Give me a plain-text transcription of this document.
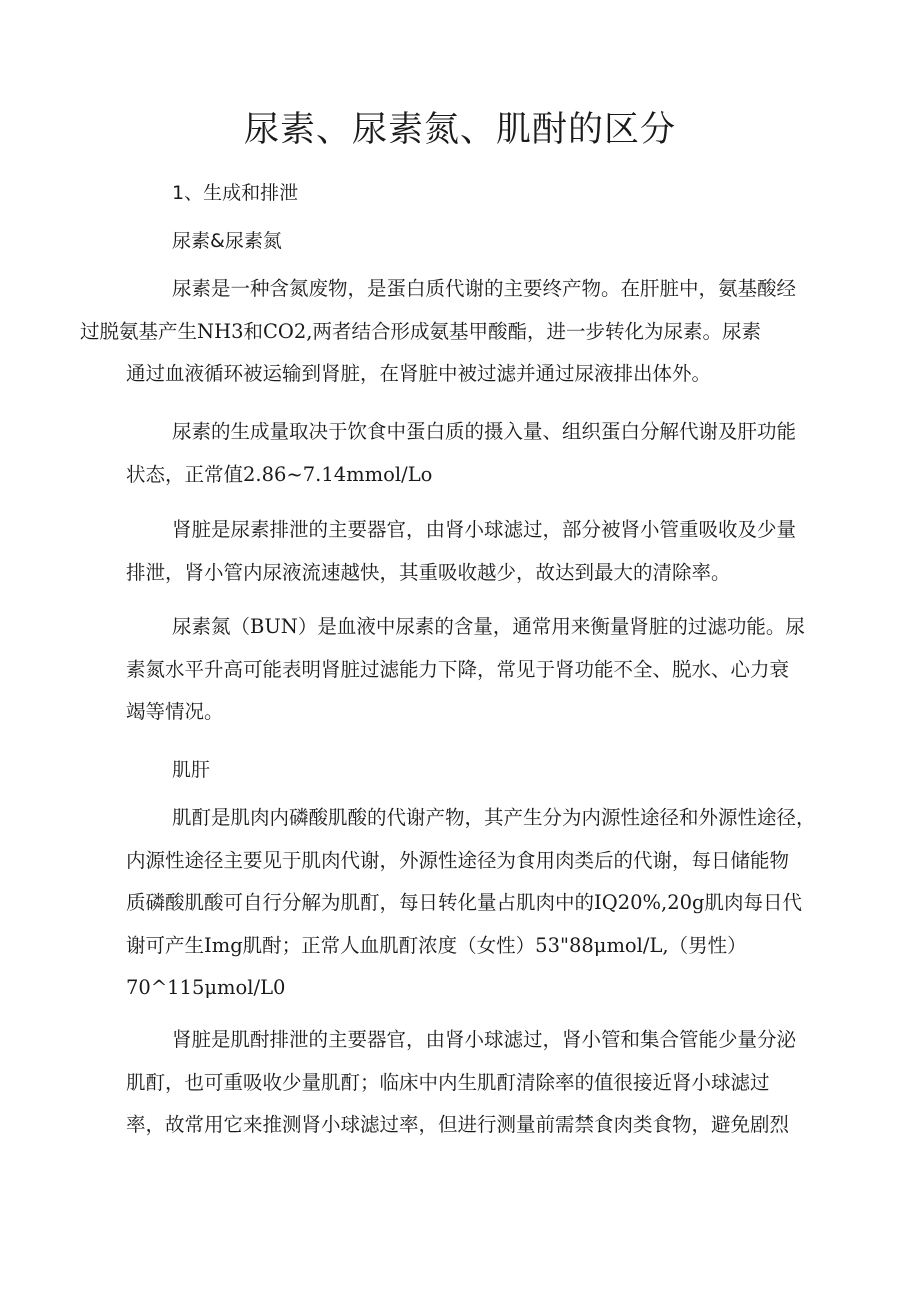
尿素、尿素氮、肌酎的区分
1、生成和排泄
尿素&尿素氮

尿素是一种含氮废物，是蛋白质代谢的主要终产物。在肝脏中，氨基酸经
过脱氨基产生NH3和CO2,两者结合形成氨基甲酸酯，进一步转化为尿素。尿素
通过血液循环被运输到肾脏，在肾脏中被过滤并通过尿液排出体外。

尿素的生成量取决于饮食中蛋白质的摄入量、组织蛋白分解代谢及肝功能
状态，正常值2.86~7.14mmol/Lo

肾脏是尿素排泄的主要器官，由肾小球滤过，部分被肾小管重吸收及少量
排泄，肾小管内尿液流速越快，其重吸收越少，故达到最大的清除率。

尿素氮（BUN）是血液中尿素的含量，通常用来衡量肾脏的过滤功能。尿
素氮水平升高可能表明肾脏过滤能力下降，常见于肾功能不全、脱水、心力衰
竭等情况。

肌肝

肌酊是肌肉内磷酸肌酸的代谢产物，其产生分为内源性途径和外源性途径，
内源性途径主要见于肌肉代谢，外源性途径为食用肉类后的代谢，每日储能物
质磷酸肌酸可自行分解为肌酊，每日转化量占肌肉中的IQ20%,20g肌肉每日代
谢可产生Img肌酎；正常人血肌酊浓度（女性）53"88μmol/L,（男性）
70^115μmol/L0

肾脏是肌酎排泄的主要器官，由肾小球滤过，肾小管和集合管能少量分泌
肌酊，也可重吸收少量肌酊；临床中内生肌酊清除率的值很接近肾小球滤过
率，故常用它来推测肾小球滤过率，但进行测量前需禁食肉类食物，避免剧烈
